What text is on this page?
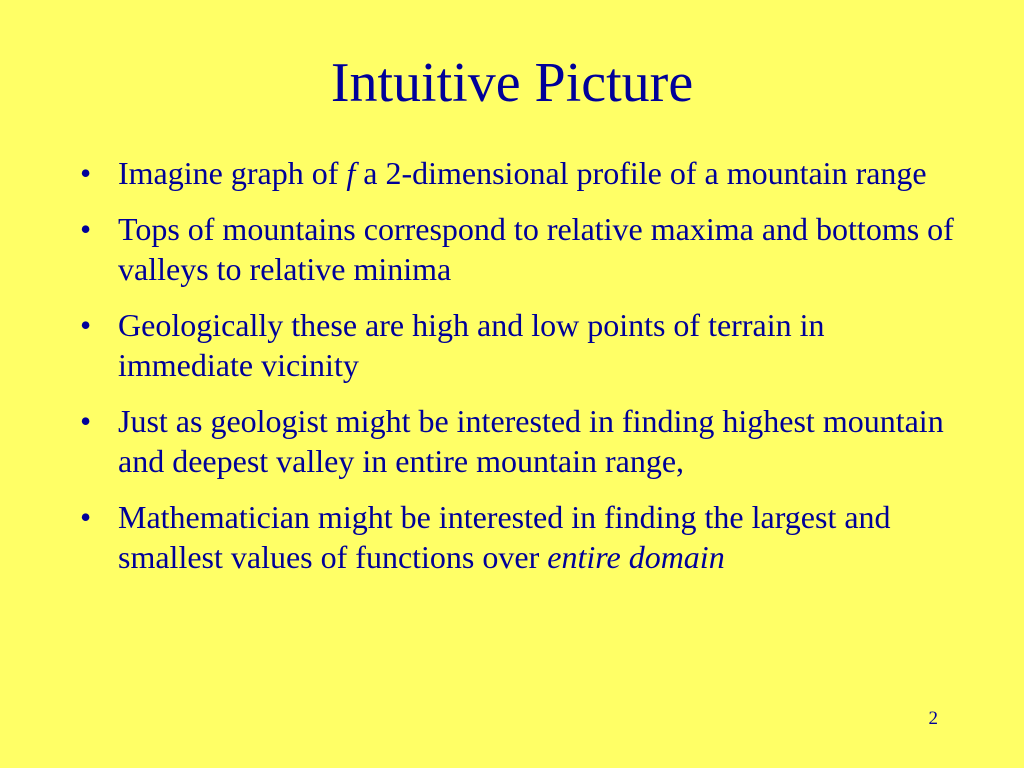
Intuitive Picture
• Imagine graph of f a 2-dimensional profile of a mountain range
• Tops of mountains correspond to relative maxima and bottoms of valleys to relative minima
• Geologically these are high and low points of terrain in immediate vicinity
• Just as geologist might be interested in finding highest mountain and deepest valley in entire mountain range,
• Mathematician might be interested in finding the largest and smallest values of functions over entire domain
2
